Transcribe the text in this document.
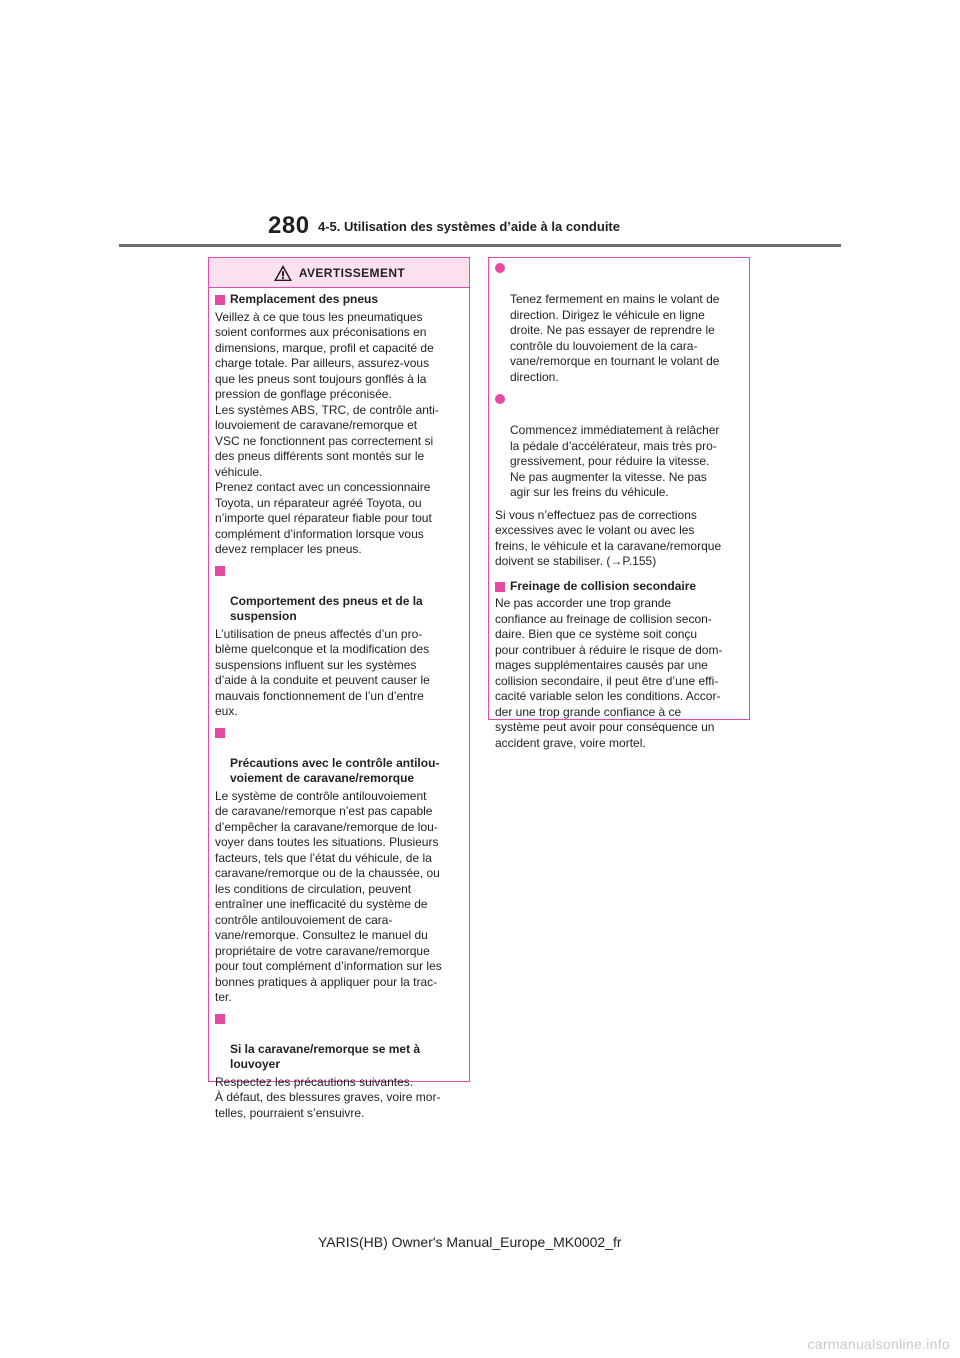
280 4-5. Utilisation des systèmes d’aide à la conduite
AVERTISSEMENT
Remplacement des pneus
Veillez à ce que tous les pneumatiques
soient conformes aux préconisations en
dimensions, marque, profil et capacité de
charge totale. Par ailleurs, assurez-vous
que les pneus sont toujours gonflés à la
pression de gonflage préconisée.
Les systèmes ABS, TRC, de contrôle anti-
louvoiement de caravane/remorque et
VSC ne fonctionnent pas correctement si
des pneus différents sont montés sur le
véhicule.
Prenez contact avec un concessionnaire
Toyota, un réparateur agréé Toyota, ou
n’importe quel réparateur fiable pour tout
complément d’information lorsque vous
devez remplacer les pneus.

Comportement des pneus et de la
suspension

L’utilisation de pneus affectés d’un pro-
blème quelconque et la modification des
suspensions influent sur les systèmes
d’aide à la conduite et peuvent causer le
mauvais fonctionnement de l’un d’entre
eux.

Précautions avec le contrôle antilou-
voiement de caravane/remorque

Le système de contrôle antilouvoiement
de caravane/remorque n’est pas capable
d’empêcher la caravane/remorque de lou-
voyer dans toutes les situations. Plusieurs
facteurs, tels que l’état du véhicule, de la
caravane/remorque ou de la chaussée, ou
les conditions de circulation, peuvent
entraîner une inefficacité du système de
contrôle antilouvoiement de cara-
vane/remorque. Consultez le manuel du
propriétaire de votre caravane/remorque
pour tout complément d’information sur les
bonnes pratiques à appliquer pour la trac-
ter.

Si la caravane/remorque se met à
louvoyer

Respectez les précautions suivantes.
À défaut, des blessures graves, voire mor-
telles, pourraient s’ensuivre.

Tenez fermement en mains le volant de
direction. Dirigez le véhicule en ligne
droite. Ne pas essayer de reprendre le
contrôle du louvoiement de la cara-
vane/remorque en tournant le volant de
direction.

Commencez immédiatement à relâcher
la pédale d’accélérateur, mais très pro-
gressivement, pour réduire la vitesse.
Ne pas augmenter la vitesse. Ne pas
agir sur les freins du véhicule.

Si vous n’effectuez pas de corrections
excessives avec le volant ou avec les
freins, le véhicule et la caravane/remorque
doivent se stabiliser. (→P.155)
Freinage de collision secondaire
Ne pas accorder une trop grande
confiance au freinage de collision secon-
daire. Bien que ce système soit conçu
pour contribuer à réduire le risque de dom-
mages supplémentaires causés par une
collision secondaire, il peut être d’une effi-
cacité variable selon les conditions. Accor-
der une trop grande confiance à ce
système peut avoir pour conséquence un
accident grave, voire mortel.
YARIS(HB) Owner's Manual_Europe_MK0002_fr
carmanualsonline.info
